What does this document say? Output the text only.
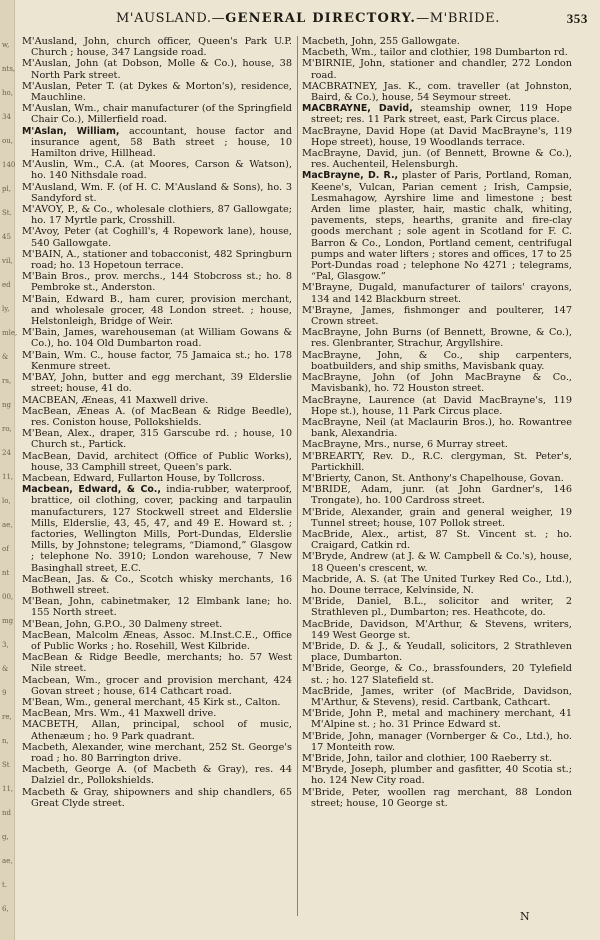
w,
nts,
ho,
34
ou,
140
pl,
St.
45
vil,
ed
ly,
mle,
&
rs,
ng
ro,
24
11,
lo,
ae,
of
nt
00,
mg
3,
&
9
re,
n,
St
11,
nd
g,
ae,
t.
6,
M'AUSLAND.—GENERAL DIRECTORY.—M'BRIDE.	353

M'Ausland, John, church officer, Queen's Park U.P. Church ; house, 347 Langside road.

M'Auslan, John (at Dobson, Molle & Co.), house, 38 North Park street.

M'Auslan, Peter T. (at Dykes & Morton's), residence, Mauchline.

M'Auslan, Wm., chair manufacturer (of the Springfield Chair Co.), Millerfield road.

M'Aslan, William, accountant, house factor and insurance agent, 58 Bath street ; house, 10 Hamilton drive, Hillhead.

M'Auslin, Wm., C.A. (at Moores, Carson & Watson), ho. 140 Nithsdale road.

M'Ausland, Wm. F. (of H. C. M'Ausland & Sons), ho. 3 Sandyford st.

M'AVOY, P., & Co., wholesale clothiers, 87 Gallowgate; ho. 17 Myrtle park, Crosshill.

M'Avoy, Peter (at Coghill's, 4 Ropework lane), house, 540 Gallowgate.

M'BAIN, A., stationer and tobacconist, 482 Springburn road; ho. 13 Hopetoun terrace.

M'Bain Bros., prov. merchs., 144 Stobcross st.; ho. 8 Pembroke st., Anderston.

M'Bain, Edward B., ham curer, provision merchant, and wholesale grocer, 48 London street. ; house, Helstonleigh, Bridge of Weir.

M'Bain, James, warehouseman (at William Gowans & Co.), ho. 104 Old Dumbarton road.

M'Bain, Wm. C., house factor, 75 Jamaica st.; ho. 178 Kenmure street.

M'BAY, John, butter and egg merchant, 39 Elderslie street; house, 41 do.

MACBEAN, Æneas, 41 Maxwell drive.

MacBean, Æneas A. (of MacBean & Ridge Beedle), res. Coniston house, Pollokshields.

M'Bean, Alex., draper, 315 Garscube rd. ; house, 10 Church st., Partick.

MacBean, David, architect (Office of Public Works), house, 33 Camphill street, Queen's park.

Macbean, Edward, Fullarton House, by Tollcross.

Macbean, Edward, & Co., india-rubber, waterproof, brattice, oil clothing, cover, packing and tarpaulin manufacturers, 127 Stockwell street and Elderslie Mills, Elderslie, 43, 45, 47, and 49 E. Howard st. ; factories, Wellington Mills, Port-Dundas, Elderslie Mills, by Johnstone; telegrams, “Diamond,” Glasgow ; telephone No. 3910; London warehouse, 7 New Basinghall street, E.C.

MacBean, Jas. & Co., Scotch whisky merchants, 16 Bothwell street.

M'Bean, John, cabinetmaker, 12 Elmbank lane; ho. 155 North street.

M'Bean, John, G.P.O., 30 Dalmeny street.

MacBean, Malcolm Æneas, Assoc. M.Inst.C.E., Office of Public Works ; ho. Rosehill, West Kilbride.

MacBean & Ridge Beedle, merchants; ho. 57 West Nile street.

Macbean, Wm., grocer and provision merchant, 424 Govan street ; house, 614 Cathcart road.

M'Bean, Wm., general merchant, 45 Kirk st., Calton.

MacBean, Mrs. Wm., 41 Maxwell drive.

MACBETH, Allan, principal, school of music, Athenæum ; ho. 9 Park quadrant.

Macbeth, Alexander, wine merchant, 252 St. George's road ; ho. 80 Barrington drive.

Macbeth, George A. (of Macbeth & Gray), res. 44 Dalziel dr., Pollokshields.

Macbeth & Gray, shipowners and ship chandlers, 65 Great Clyde street.

Macbeth, John, 255 Gallowgate.

Macbeth, Wm., tailor and clothier, 198 Dumbarton rd.

M'BIRNIE, John, stationer and chandler, 272 London road.

MACBRATNEY, Jas. K., com. traveller (at Johnston, Baird, & Co.), house, 54 Seymour street.

MACBRAYNE, David, steamship owner, 119 Hope street; res. 11 Park street, east, Park Circus place.

MacBrayne, David Hope (at David MacBrayne's, 119 Hope street), house, 19 Woodlands terrace.

MacBrayne, David, jun. (of Bennett, Browne & Co.), res. Auchenteil, Helensburgh.

MacBrayne, D. R., plaster of Paris, Portland, Roman, Keene's, Vulcan, Parian cement ; Irish, Campsie, Lesmahagow, Ayrshire lime and limestone ; best Arden lime plaster, hair, mastic chalk, whiting, pavements, steps, hearths, granite and fire-clay goods merchant ; sole agent in Scotland for F. C. Barron & Co., London, Portland cement, centrifugal pumps and water lifters ; stores and offices, 17 to 25 Port-Dundas road ; telephone No 4271 ; telegrams, “Pal, Glasgow.”

M'Brayne, Dugald, manufacturer of tailors' crayons, 134 and 142 Blackburn street.

M'Brayne, James, fishmonger and poulterer, 147 Crown street.

MacBrayne, John Burns (of Bennett, Browne, & Co.), res. Glenbranter, Strachur, Argyllshire.

MacBrayne, John, & Co., ship carpenters, boatbuilders, and ship smiths, Mavisbank quay.

MacBrayne, John (of John MacBrayne & Co., Mavisbank), ho. 72 Houston street.

MacBrayne, Laurence (at David MacBrayne's, 119 Hope st.), house, 11 Park Circus place.

MacBrayne, Neil (at Maclaurin Bros.), ho. Rowantree bank, Alexandria.

MacBrayne, Mrs., nurse, 6 Murray street.

M'BREARTY, Rev. D., R.C. clergyman, St. Peter's, Partickhill.

M'Brierty, Canon, St. Anthony's Chapelhouse, Govan.

M'BRIDE, Adam, junr. (at John Gardner's, 146 Trongate), ho. 100 Cardross street.

M'Bride, Alexander, grain and general weigher, 19 Tunnel street; house, 107 Pollok street.

MacBride, Alex., artist, 87 St. Vincent st. ; ho. Craigard, Catkin rd.

M'Bryde, Andrew (at J. & W. Campbell & Co.'s), house, 18 Queen's crescent, w.

Macbride, A. S. (at The United Turkey Red Co., Ltd.), ho. Doune terrace, Kelvinside, N.

M'Bride, Daniel, B.L., solicitor and writer, 2 Strathleven pl., Dumbarton; res. Heathcote, do.

MacBride, Davidson, M'Arthur, & Stevens, writers, 149 West George st.

M'Bride, D. & J., & Yeudall, solicitors, 2 Strathleven place, Dumbarton.

M'Bride, George, & Co., brassfounders, 20 Tylefield st. ; ho. 127 Slatefield st.

MacBride, James, writer (of MacBride, Davidson, M'Arthur, & Stevens), resid. Cartbank, Cathcart.

M'Bride, John P., metal and machinery merchant, 41 M'Alpine st. ; ho. 31 Prince Edward st.

M'Bride, John, manager (Vornberger & Co., Ltd.), ho. 17 Monteith row.

M'Bride, John, tailor and clothier, 100 Raeberry st.

M'Bryde, Joseph, plumber and gasfitter, 40 Scotia st.; ho. 124 New City road.

M'Bride, Peter, woollen rag merchant, 88 London street; house, 10 George st.

N
